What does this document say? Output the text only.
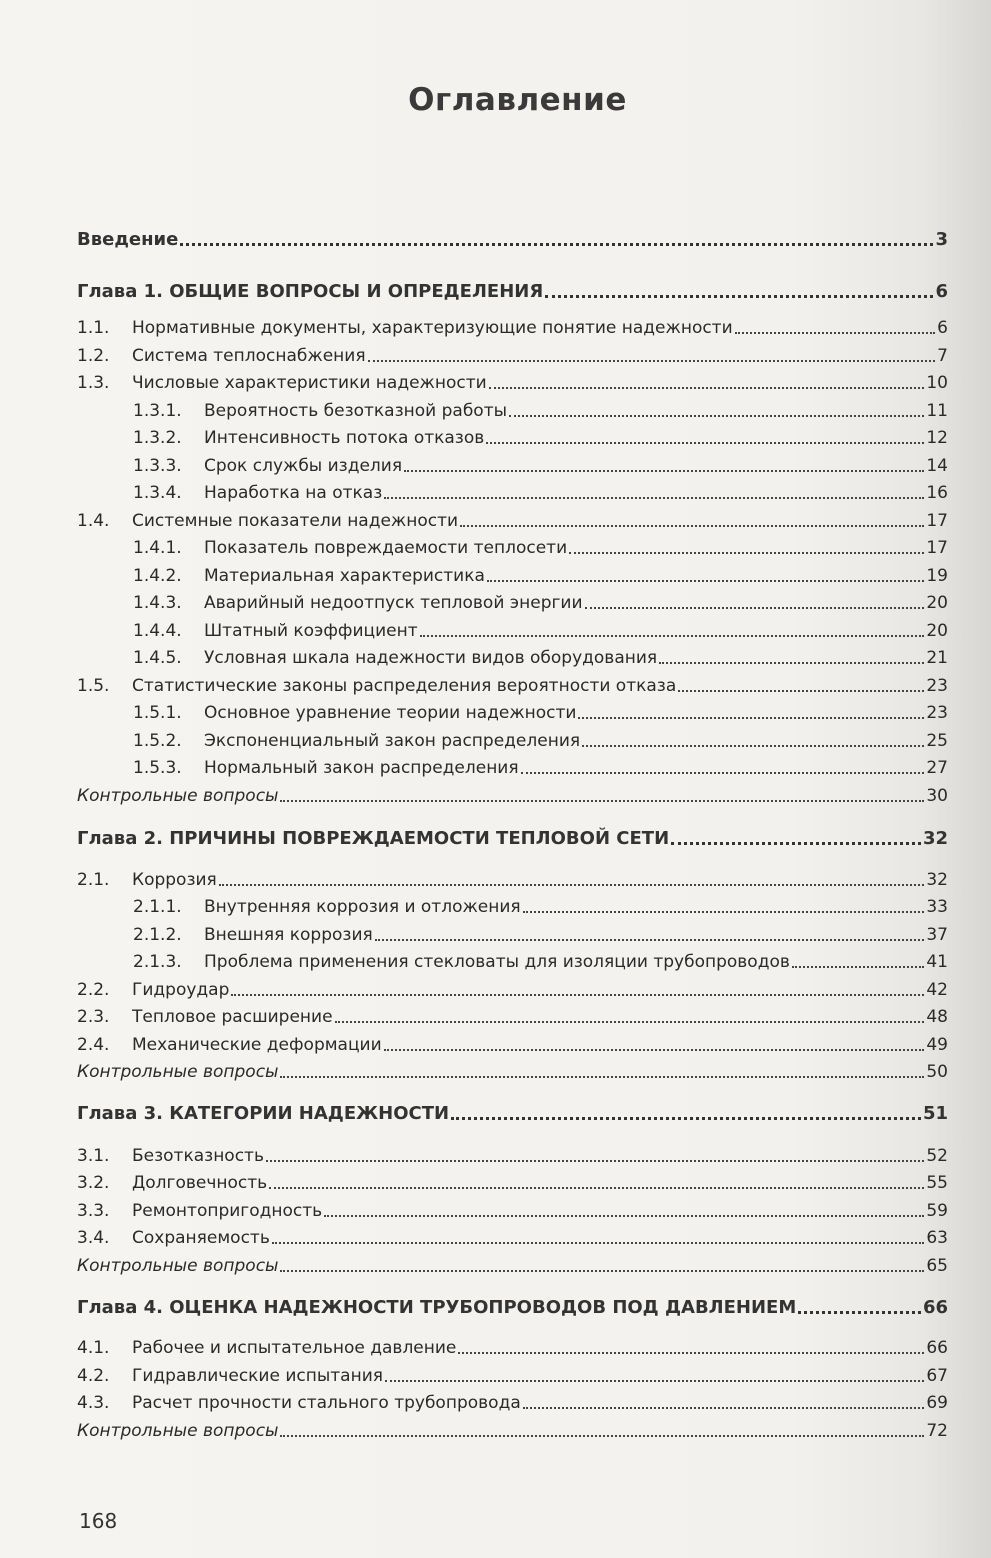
Оглавление
Введение	3
Глава 1. ОБЩИЕ ВОПРОСЫ И ОПРЕДЕЛЕНИЯ	6
1.1.	Нормативные документы, характеризующие понятие надежности	6
1.2.	Система теплоснабжения	7
1.3.	Числовые характеристики надежности	10
1.3.1.	Вероятность безотказной работы	11
1.3.2.	Интенсивность потока отказов	12
1.3.3.	Срок службы изделия	14
1.3.4.	Наработка на отказ	16
1.4.	Системные показатели надежности	17
1.4.1.	Показатель повреждаемости теплосети	17
1.4.2.	Материальная характеристика	19
1.4.3.	Аварийный недоотпуск тепловой энергии	20
1.4.4.	Штатный коэффициент	20
1.4.5.	Условная шкала надежности видов оборудования	21
1.5.	Статистические законы распределения вероятности отказа	23
1.5.1.	Основное уравнение теории надежности	23
1.5.2.	Экспоненциальный закон распределения	25
1.5.3.	Нормальный закон распределения	27
Контрольные вопросы	30
Глава 2. ПРИЧИНЫ ПОВРЕЖДАЕМОСТИ ТЕПЛОВОЙ СЕТИ	32
2.1.	Коррозия	32
2.1.1.	Внутренняя коррозия и отложения	33
2.1.2.	Внешняя коррозия	37
2.1.3.	Проблема применения стекловаты для изоляции трубопроводов	41
2.2.	Гидроудар	42
2.3.	Тепловое расширение	48
2.4.	Механические деформации	49
Контрольные вопросы	50
Глава 3. КАТЕГОРИИ НАДЕЖНОСТИ	51
3.1.	Безотказность	52
3.2.	Долговечность	55
3.3.	Ремонтопригодность	59
3.4.	Сохраняемость	63
Контрольные вопросы	65
Глава 4. ОЦЕНКА НАДЕЖНОСТИ ТРУБОПРОВОДОВ ПОД ДАВЛЕНИЕМ	66
4.1.	Рабочее и испытательное давление	66
4.2.	Гидравлические испытания	67
4.3.	Расчет прочности стального трубопровода	69
Контрольные вопросы	72
168
